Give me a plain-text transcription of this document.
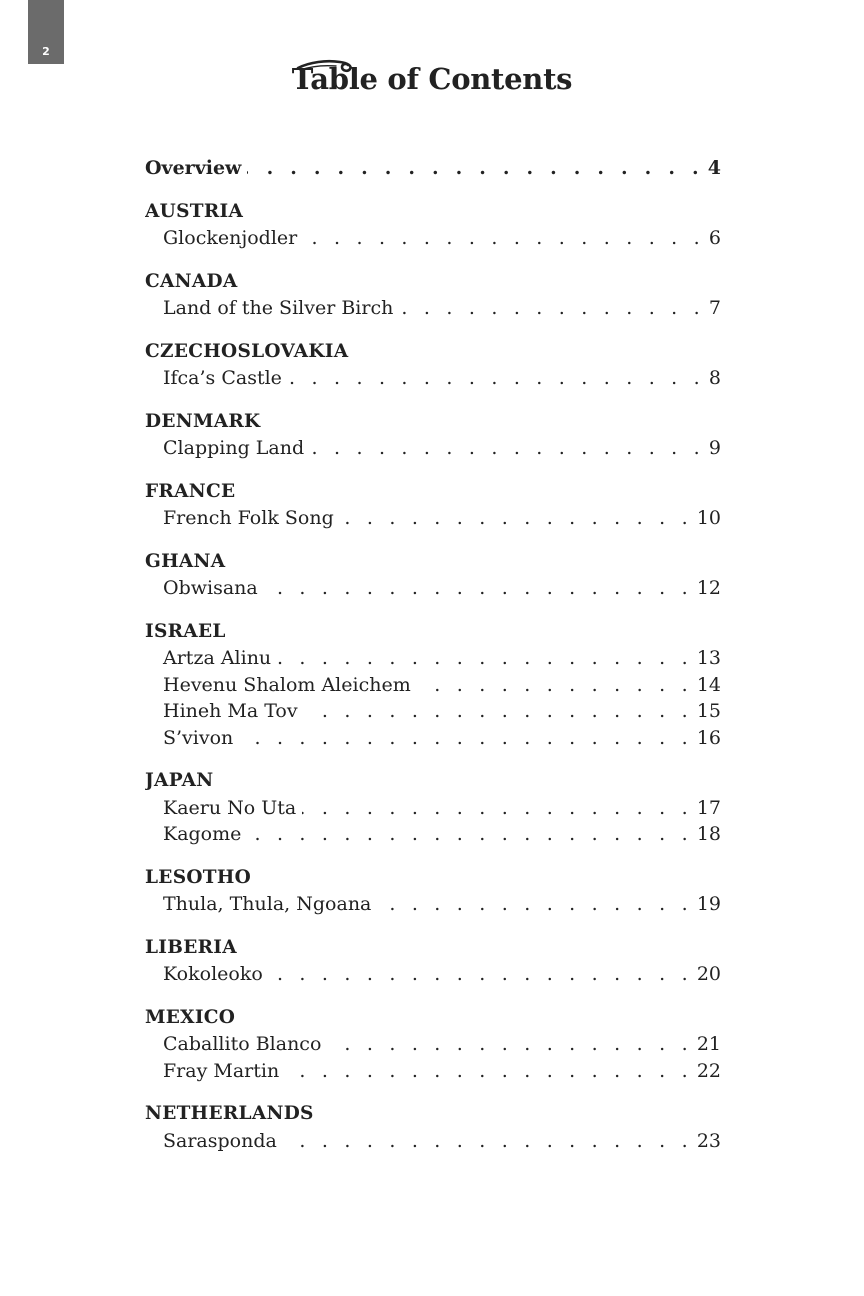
2
Table of Contents
Overview . . .	4
AUSTRIA
Glockenjodler . . .	6
CANADA
Land of the Silver Birch . . .	7
CZECHOSLOVAKIA
Ifca’s Castle . . .	8
DENMARK
Clapping Land . . .	9
FRANCE
French Folk Song . . .	10
GHANA
Obwisana . . .	12
ISRAEL
Artza Alinu . . .	13
Hevenu Shalom Aleichem . . .	14
Hineh Ma Tov . . .	15
S’vivon . . .	16
JAPAN
Kaeru No Uta . . .	17
Kagome . . .	18
LESOTHO
Thula, Thula, Ngoana . . .	19
LIBERIA
Kokoleoko . . .	20
MEXICO
Caballito Blanco . . .	21
Fray Martin . . .	22
NETHERLANDS
Sarasponda . . .	23
